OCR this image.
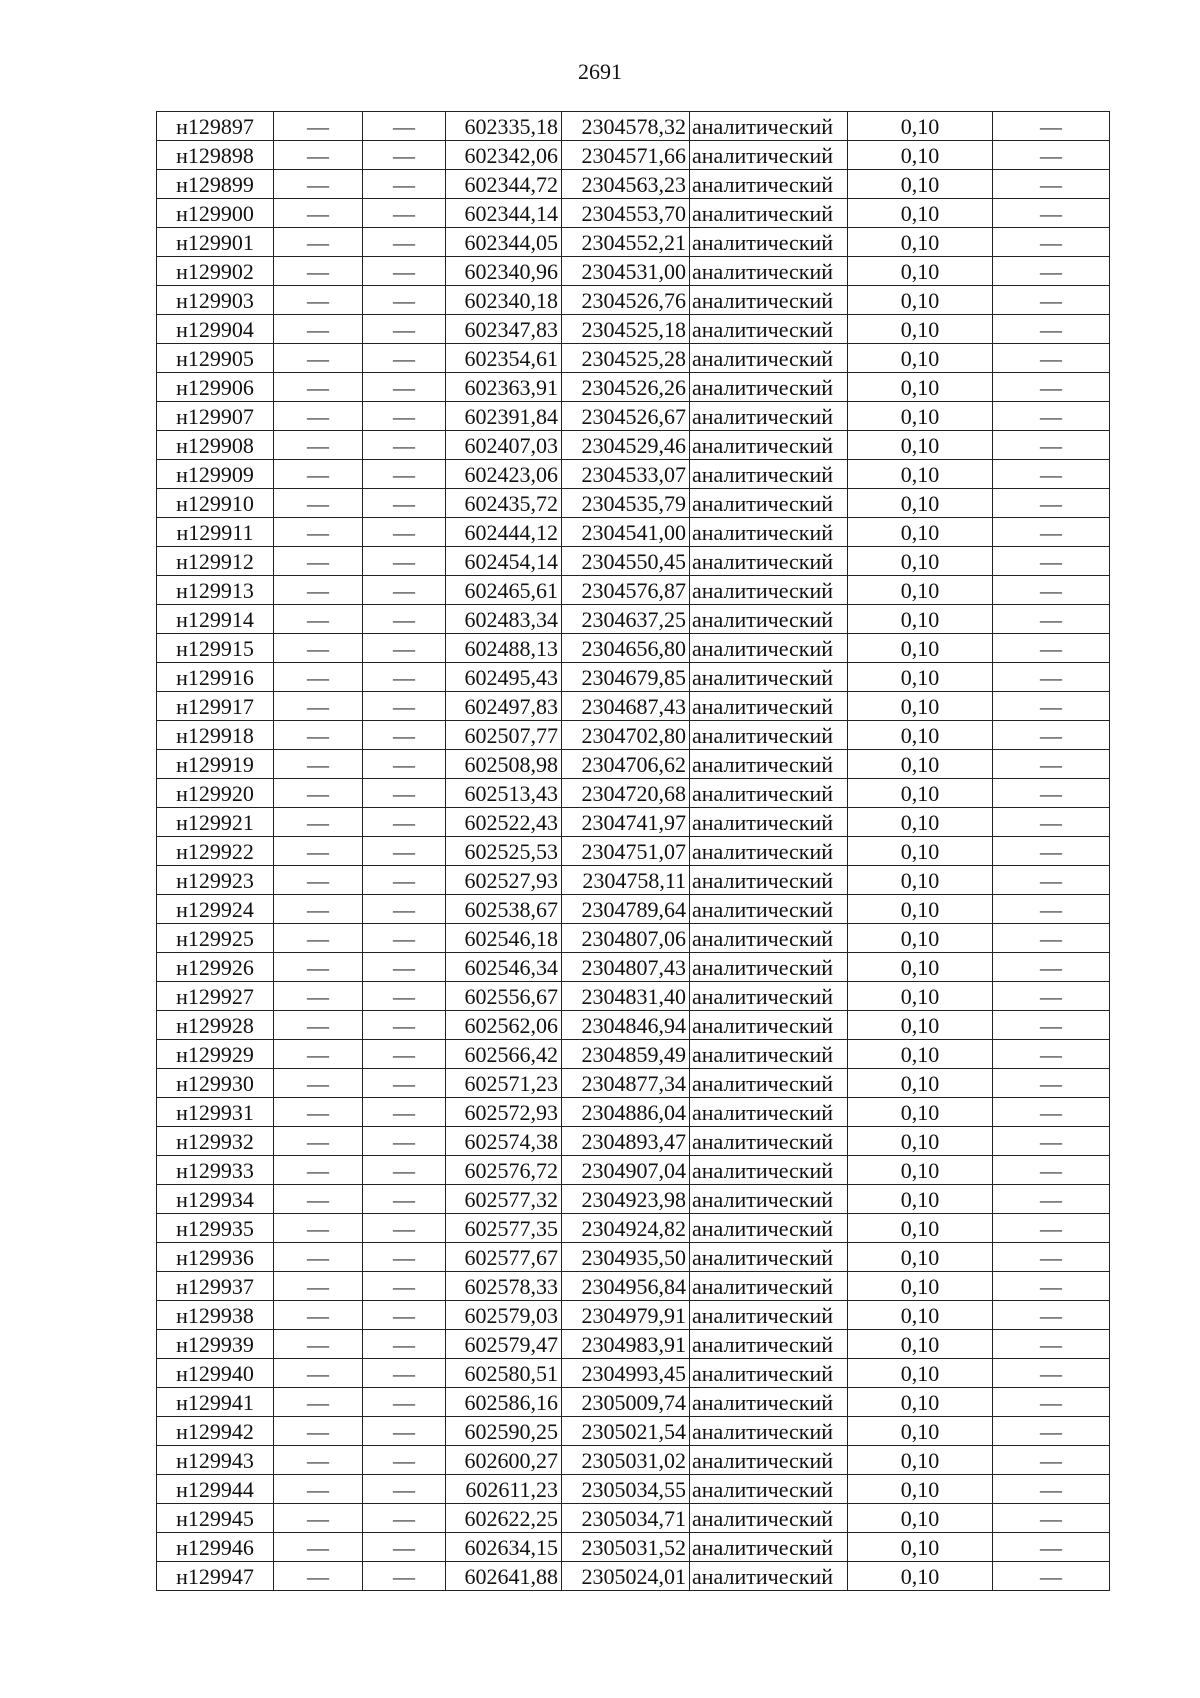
2691
н129897	—	—	602335,18	2304578,32	аналитический	0,10	—
н129898	—	—	602342,06	2304571,66	аналитический	0,10	—
н129899	—	—	602344,72	2304563,23	аналитический	0,10	—
н129900	—	—	602344,14	2304553,70	аналитический	0,10	—
н129901	—	—	602344,05	2304552,21	аналитический	0,10	—
н129902	—	—	602340,96	2304531,00	аналитический	0,10	—
н129903	—	—	602340,18	2304526,76	аналитический	0,10	—
н129904	—	—	602347,83	2304525,18	аналитический	0,10	—
н129905	—	—	602354,61	2304525,28	аналитический	0,10	—
н129906	—	—	602363,91	2304526,26	аналитический	0,10	—
н129907	—	—	602391,84	2304526,67	аналитический	0,10	—
н129908	—	—	602407,03	2304529,46	аналитический	0,10	—
н129909	—	—	602423,06	2304533,07	аналитический	0,10	—
н129910	—	—	602435,72	2304535,79	аналитический	0,10	—
н129911	—	—	602444,12	2304541,00	аналитический	0,10	—
н129912	—	—	602454,14	2304550,45	аналитический	0,10	—
н129913	—	—	602465,61	2304576,87	аналитический	0,10	—
н129914	—	—	602483,34	2304637,25	аналитический	0,10	—
н129915	—	—	602488,13	2304656,80	аналитический	0,10	—
н129916	—	—	602495,43	2304679,85	аналитический	0,10	—
н129917	—	—	602497,83	2304687,43	аналитический	0,10	—
н129918	—	—	602507,77	2304702,80	аналитический	0,10	—
н129919	—	—	602508,98	2304706,62	аналитический	0,10	—
н129920	—	—	602513,43	2304720,68	аналитический	0,10	—
н129921	—	—	602522,43	2304741,97	аналитический	0,10	—
н129922	—	—	602525,53	2304751,07	аналитический	0,10	—
н129923	—	—	602527,93	2304758,11	аналитический	0,10	—
н129924	—	—	602538,67	2304789,64	аналитический	0,10	—
н129925	—	—	602546,18	2304807,06	аналитический	0,10	—
н129926	—	—	602546,34	2304807,43	аналитический	0,10	—
н129927	—	—	602556,67	2304831,40	аналитический	0,10	—
н129928	—	—	602562,06	2304846,94	аналитический	0,10	—
н129929	—	—	602566,42	2304859,49	аналитический	0,10	—
н129930	—	—	602571,23	2304877,34	аналитический	0,10	—
н129931	—	—	602572,93	2304886,04	аналитический	0,10	—
н129932	—	—	602574,38	2304893,47	аналитический	0,10	—
н129933	—	—	602576,72	2304907,04	аналитический	0,10	—
н129934	—	—	602577,32	2304923,98	аналитический	0,10	—
н129935	—	—	602577,35	2304924,82	аналитический	0,10	—
н129936	—	—	602577,67	2304935,50	аналитический	0,10	—
н129937	—	—	602578,33	2304956,84	аналитический	0,10	—
н129938	—	—	602579,03	2304979,91	аналитический	0,10	—
н129939	—	—	602579,47	2304983,91	аналитический	0,10	—
н129940	—	—	602580,51	2304993,45	аналитический	0,10	—
н129941	—	—	602586,16	2305009,74	аналитический	0,10	—
н129942	—	—	602590,25	2305021,54	аналитический	0,10	—
н129943	—	—	602600,27	2305031,02	аналитический	0,10	—
н129944	—	—	602611,23	2305034,55	аналитический	0,10	—
н129945	—	—	602622,25	2305034,71	аналитический	0,10	—
н129946	—	—	602634,15	2305031,52	аналитический	0,10	—
н129947	—	—	602641,88	2305024,01	аналитический	0,10	—
